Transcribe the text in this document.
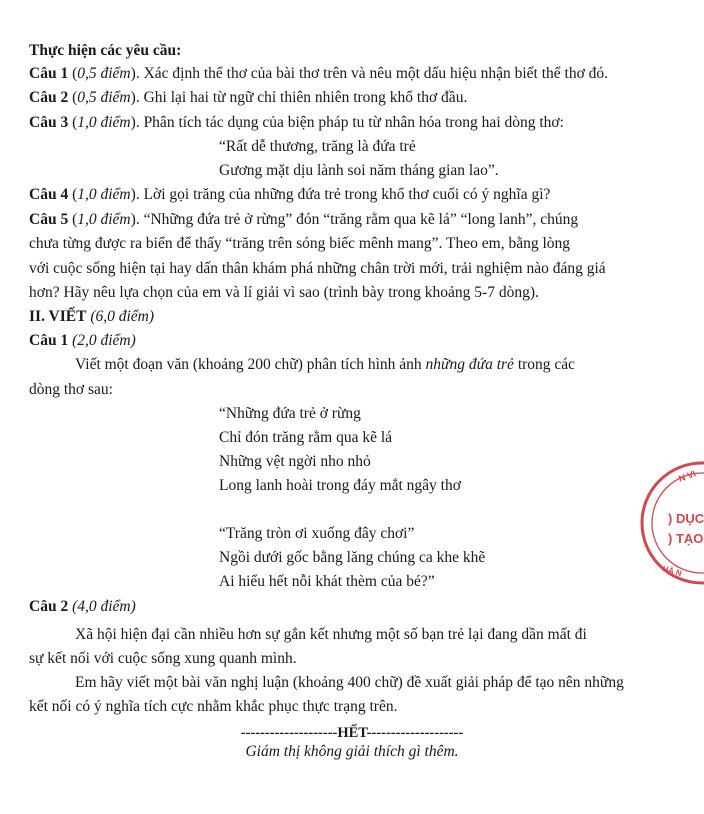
Thực hiện các yêu cầu:
Câu 1 (0,5 điểm). Xác định thể thơ của bài thơ trên và nêu một dấu hiệu nhận biết thể thơ đó.
Câu 2 (0,5 điểm). Ghi lại hai từ ngữ chỉ thiên nhiên trong khổ thơ đầu.
Câu 3 (1,0 điểm). Phân tích tác dụng của biện pháp tu từ nhân hóa trong hai dòng thơ:
“Rất dễ thương, trăng là đứa trẻ
Gương mặt dịu lành soi năm tháng gian lao”.
Câu 4 (1,0 điểm). Lời gọi trăng của những đứa trẻ trong khổ thơ cuối có ý nghĩa gì?
Câu 5 (1,0 điểm). “Những đứa trẻ ở rừng” đón “trăng rằm qua kẽ lá” “long lanh”, chúng
chưa từng được ra biển để thấy “trăng trên sóng biếc mênh mang”. Theo em, bằng lòng
với cuộc sống hiện tại hay dấn thân khám phá những chân trời mới, trải nghiệm nào đáng giá
hơn? Hãy nêu lựa chọn của em và lí giải vì sao (trình bày trong khoảng 5-7 dòng).
II. VIẾT (6,0 điểm)
Câu 1 (2,0 điểm)
Viết một đoạn văn (khoảng 200 chữ) phân tích hình ảnh những đứa trẻ trong các
dòng thơ sau:
“Những đứa trẻ ở rừng
Chỉ đón trăng rằm qua kẽ lá
Những vệt ngời nho nhỏ
Long lanh hoài trong đáy mắt ngây thơ
“Trăng tròn ơi xuống đây chơi”
Ngồi dưới gốc bằng lăng chúng ca khe khẽ
Ai hiểu hết nỗi khát thèm của bé?”
Câu 2 (4,0 điểm)
Xã hội hiện đại cần nhiều hơn sự gắn kết nhưng một số bạn trẻ lại đang dần mất đi
sự kết nối với cuộc sống xung quanh mình.
Em hãy viết một bài văn nghị luận (khoảng 400 chữ) đề xuất giải pháp để tạo nên những
kết nối có ý nghĩa tích cực nhằm khắc phục thực trạng trên.
--------------------HẾT--------------------
Giám thị không giải thích gì thêm.
N VI
) DỤC
) TẠO
HÀ N
